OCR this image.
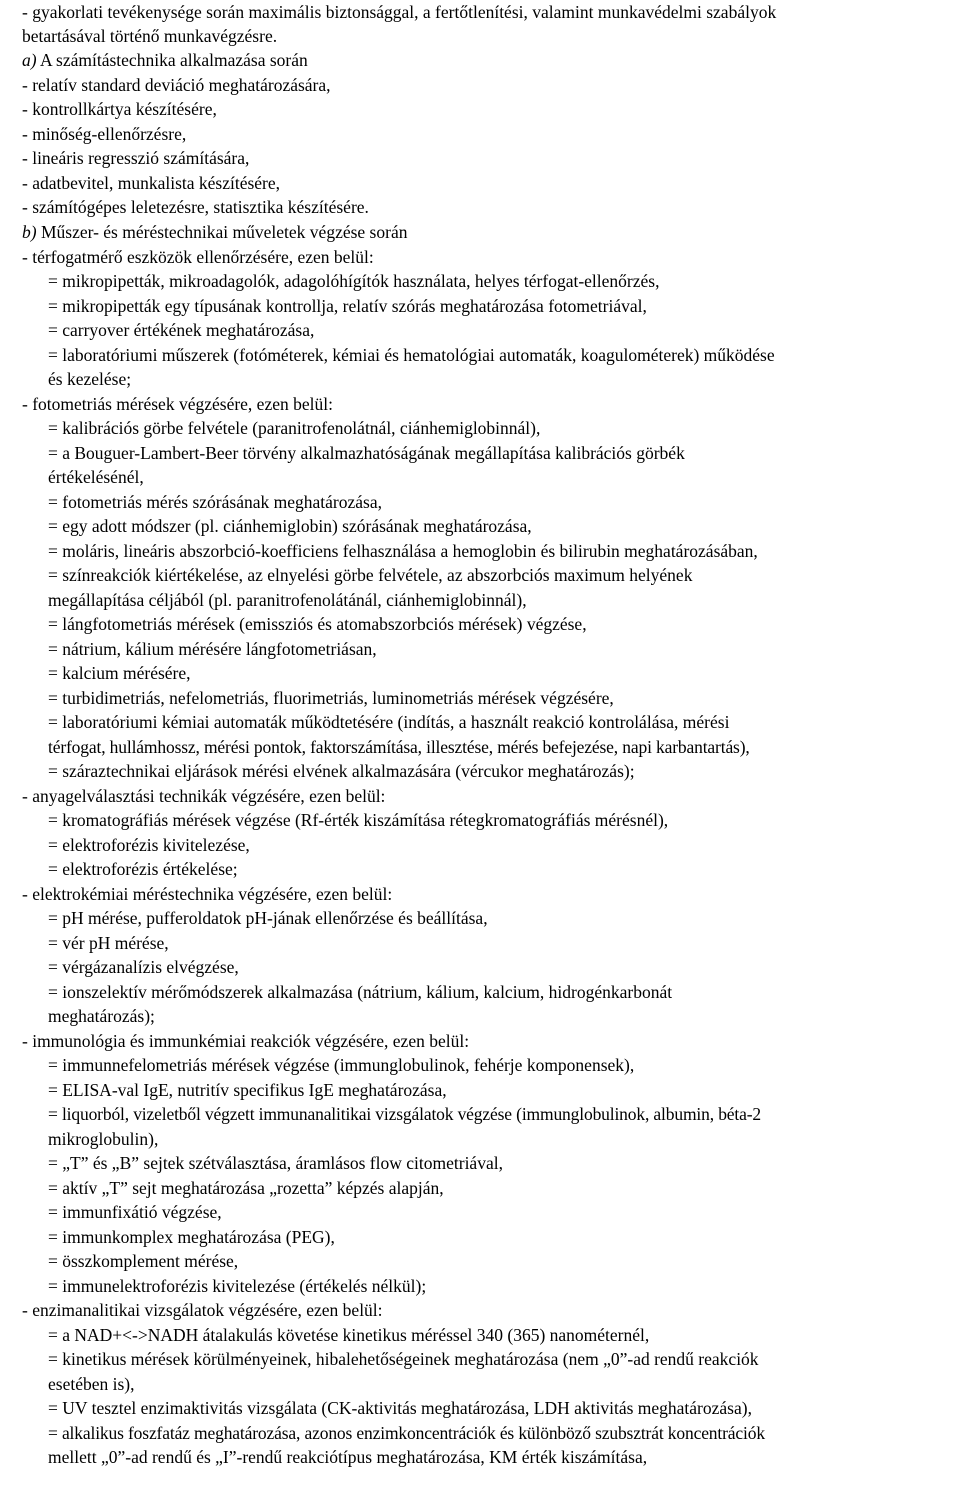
- gyakorlati tevékenysége során maximális biztonsággal, a fertőtlenítési, valamint munkavédelmi szabályok

betartásával történő munkavégzésre.

a) A számítástechnika alkalmazása során

- relatív standard deviáció meghatározására,

- kontrollkártya készítésére,

- minőség-ellenőrzésre,

- lineáris regresszió számítására,

- adatbevitel, munkalista készítésére,

- számítógépes leletezésre, statisztika készítésére.

b) Műszer- és méréstechnikai műveletek végzése során

- térfogatmérő eszközök ellenőrzésére, ezen belül:

= mikropipetták, mikroadagolók, adagolóhígítók használata, helyes térfogat-ellenőrzés,

= mikropipetták egy típusának kontrollja, relatív szórás meghatározása fotometriával,

= carryover értékének meghatározása,

= laboratóriumi műszerek (fotóméterek, kémiai és hematológiai automaták, koagulométerek) működése

és kezelése;

- fotometriás mérések végzésére, ezen belül:

= kalibrációs görbe felvétele (paranitrofenolátnál, ciánhemiglobinnál),

= a Bouguer-Lambert-Beer törvény alkalmazhatóságának megállapítása kalibrációs görbék

értékelésénél,

= fotometriás mérés szórásának meghatározása,

= egy adott módszer (pl. ciánhemiglobin) szórásának meghatározása,

= moláris, lineáris abszorbció-koefficiens felhasználása a hemoglobin és bilirubin meghatározásában,

= színreakciók kiértékelése, az elnyelési görbe felvétele, az abszorbciós maximum helyének

megállapítása céljából (pl. paranitrofenolátánál, ciánhemiglobinnál),

= lángfotometriás mérések (emissziós és atomabszorbciós mérések) végzése,

= nátrium, kálium mérésére lángfotometriásan,

= kalcium mérésére,

= turbidimetriás, nefelometriás, fluorimetriás, luminometriás mérések végzésére,

= laboratóriumi kémiai automaták működtetésére (indítás, a használt reakció kontrolálása, mérési

térfogat, hullámhossz, mérési pontok, faktorszámítása, illesztése, mérés befejezése, napi karbantartás),

= száraztechnikai eljárások mérési elvének alkalmazására (vércukor meghatározás);

- anyagelválasztási technikák végzésére, ezen belül:

= kromatográfiás mérések végzése (Rf-érték kiszámítása rétegkromatográfiás mérésnél),

= elektroforézis kivitelezése,

= elektroforézis értékelése;

- elektrokémiai méréstechnika végzésére, ezen belül:

= pH mérése, pufferoldatok pH-jának ellenőrzése és beállítása,

= vér pH mérése,

= vérgázanalízis elvégzése,

= ionszelektív mérőmódszerek alkalmazása (nátrium, kálium, kalcium, hidrogénkarbonát

meghatározás);

- immunológia és immunkémiai reakciók végzésére, ezen belül:

= immunnefelometriás mérések végzése (immunglobulinok, fehérje komponensek),

= ELISA-val IgE, nutritív specifikus IgE meghatározása,

= liquorból, vizeletből végzett immunanalitikai vizsgálatok végzése (immunglobulinok, albumin, béta-2

mikroglobulin),

= „T” és „B” sejtek szétválasztása, áramlásos flow citometriával,

= aktív „T” sejt meghatározása „rozetta” képzés alapján,

= immunfixátió végzése,

= immunkomplex meghatározása (PEG),

= összkomplement mérése,

= immunelektroforézis kivitelezése (értékelés nélkül);

- enzimanalitikai vizsgálatok végzésére, ezen belül:

= a NAD+<->NADH átalakulás követése kinetikus méréssel 340 (365) nanométernél,

= kinetikus mérések körülményeinek, hibalehetőségeinek meghatározása (nem „0”-ad rendű reakciók

esetében is),

= UV tesztel enzimaktivitás vizsgálata (CK-aktivitás meghatározása, LDH aktivitás meghatározása),

= alkalikus foszfatáz meghatározása, azonos enzimkoncentrációk és különböző szubsztrát koncentrációk

mellett „0”-ad rendű és „I”-rendű reakciótípus meghatározása, KM érték kiszámítása,
